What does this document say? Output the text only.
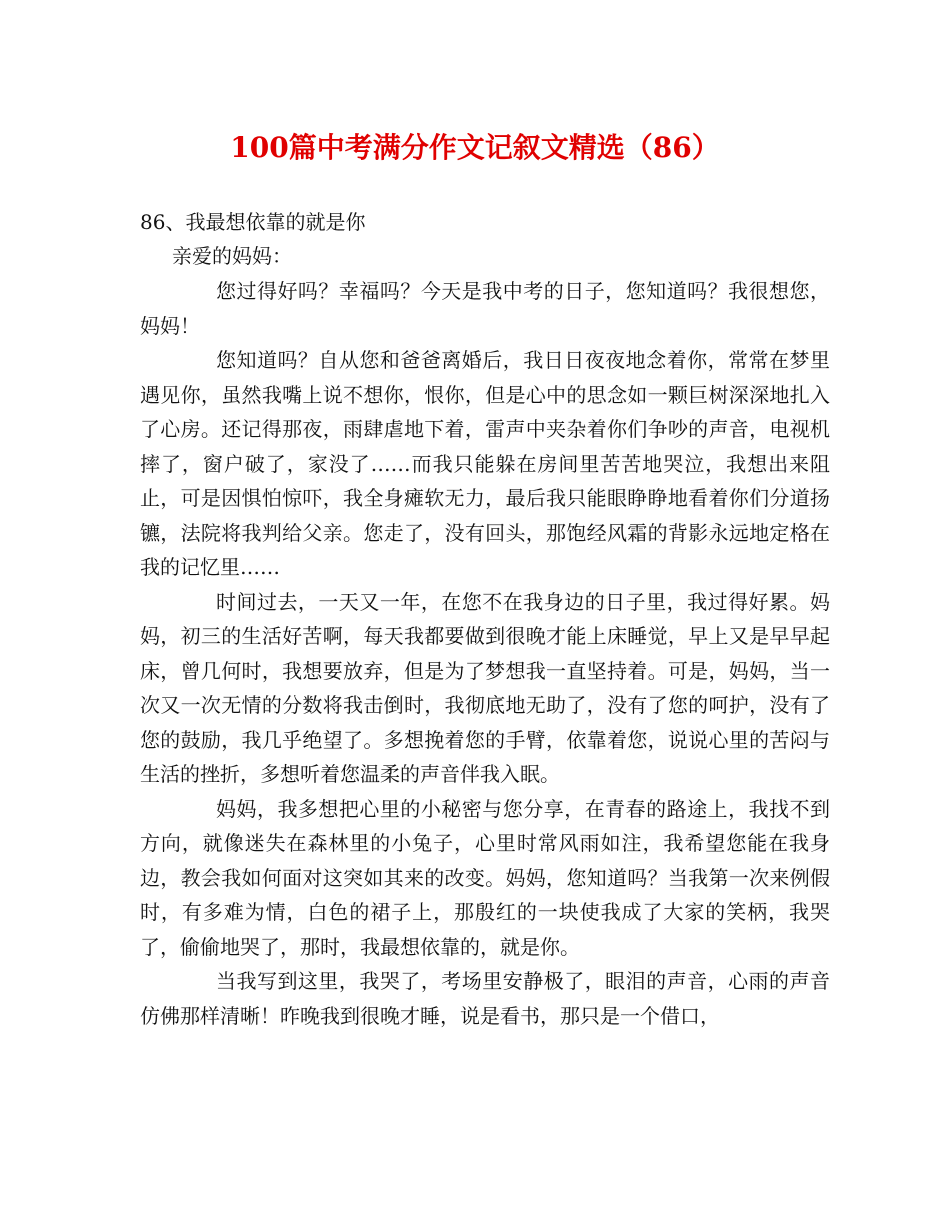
100篇中考满分作文记叙文精选（86）
86、我最想依靠的就是你
亲爱的妈妈：

您过得好吗？幸福吗？今天是我中考的日子，您知道吗？我很想您，妈妈！

您知道吗？自从您和爸爸离婚后，我日日夜夜地念着你，常常在梦里遇见你，虽然我嘴上说不想你，恨你，但是心中的思念如一颗巨树深深地扎入了心房。还记得那夜，雨肆虐地下着，雷声中夹杂着你们争吵的声音，电视机摔了，窗户破了，家没了……而我只能躲在房间里苦苦地哭泣，我想出来阻止，可是因惧怕惊吓，我全身瘫软无力，最后我只能眼睁睁地看着你们分道扬镳，法院将我判给父亲。您走了，没有回头，那饱经风霜的背影永远地定格在我的记忆里……

时间过去，一天又一年，在您不在我身边的日子里，我过得好累。妈妈，初三的生活好苦啊，每天我都要做到很晚才能上床睡觉，早上又是早早起床，曾几何时，我想要放弃，但是为了梦想我一直坚持着。可是，妈妈，当一次又一次无情的分数将我击倒时，我彻底地无助了，没有了您的呵护，没有了您的鼓励，我几乎绝望了。多想挽着您的手臂，依靠着您，说说心里的苦闷与生活的挫折，多想听着您温柔的声音伴我入眠。

妈妈，我多想把心里的小秘密与您分享，在青春的路途上，我找不到方向，就像迷失在森林里的小兔子，心里时常风雨如注，我希望您能在我身边，教会我如何面对这突如其来的改变。妈妈，您知道吗？当我第一次来例假时，有多难为情，白色的裙子上，那殷红的一块使我成了大家的笑柄，我哭了，偷偷地哭了，那时，我最想依靠的，就是你。

当我写到这里，我哭了，考场里安静极了，眼泪的声音，心雨的声音仿佛那样清晰！昨晚我到很晚才睡，说是看书，那只是一个借口，
